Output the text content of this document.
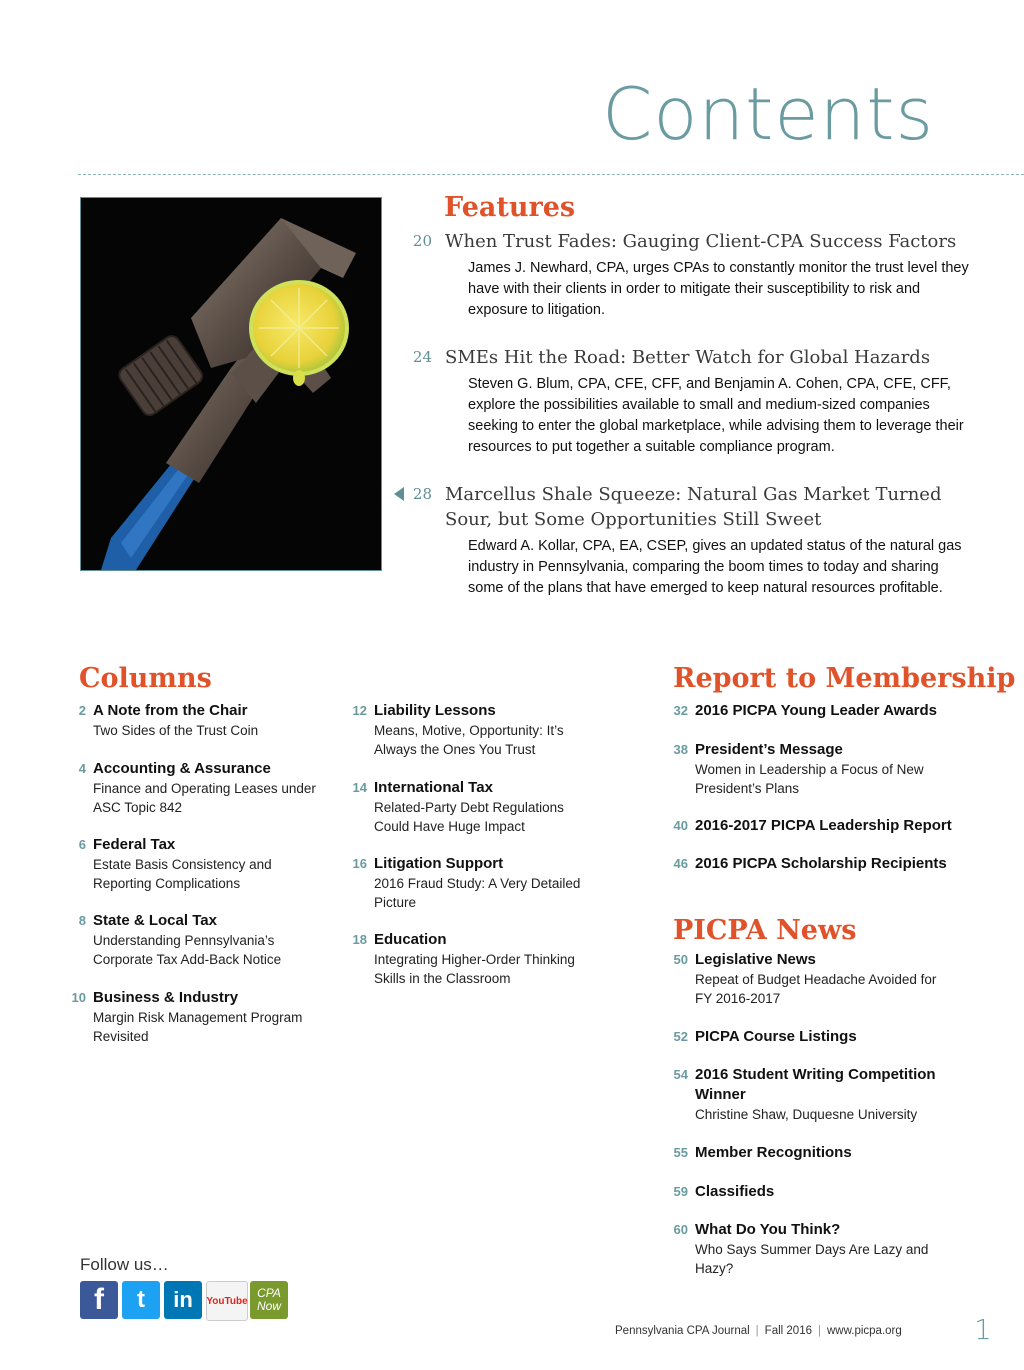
Contents
Features
20 When Trust Fades: Gauging Client-CPA Success Factors
James J. Newhard, CPA, urges CPAs to constantly monitor the trust level they have with their clients in order to mitigate their susceptibility to risk and exposure to litigation.
24 SMEs Hit the Road: Better Watch for Global Hazards
Steven G. Blum, CPA, CFE, CFF, and Benjamin A. Cohen, CPA, CFE, CFF, explore the possibilities available to small and medium-sized companies seeking to enter the global marketplace, while advising them to leverage their resources to put together a suitable compliance program.
28 Marcellus Shale Squeeze: Natural Gas Market Turned Sour, but Some Opportunities Still Sweet
Edward A. Kollar, CPA, EA, CSEP, gives an updated status of the natural gas industry in Pennsylvania, comparing the boom times to today and sharing some of the plans that have emerged to keep natural resources profitable.
Columns
2 A Note from the Chair
Two Sides of the Trust Coin
4 Accounting & Assurance
Finance and Operating Leases under ASC Topic 842
6 Federal Tax
Estate Basis Consistency and Reporting Complications
8 State & Local Tax
Understanding Pennsylvania’s Corporate Tax Add-Back Notice
10 Business & Industry
Margin Risk Management Program Revisited
12 Liability Lessons
Means, Motive, Opportunity: It’s Always the Ones You Trust
14 International Tax
Related-Party Debt Regulations Could Have Huge Impact
16 Litigation Support
2016 Fraud Study: A Very Detailed Picture
18 Education
Integrating Higher-Order Thinking Skills in the Classroom
Report to Membership
32 2016 PICPA Young Leader Awards
38 President’s Message
Women in Leadership a Focus of New President’s Plans
40 2016-2017 PICPA Leadership Report
46 2016 PICPA Scholarship Recipients
PICPA News
50 Legislative News
Repeat of Budget Headache Avoided for FY 2016-2017
52 PICPA Course Listings
54 2016 Student Writing Competition Winner
Christine Shaw, Duquesne University
55 Member Recognitions
59 Classifieds
60 What Do You Think?
Who Says Summer Days Are Lazy and Hazy?
Follow us…
f	t	in	YouTube
CPA Now
Pennsylvania CPA Journal | Fall 2016 | www.picpa.org	1
